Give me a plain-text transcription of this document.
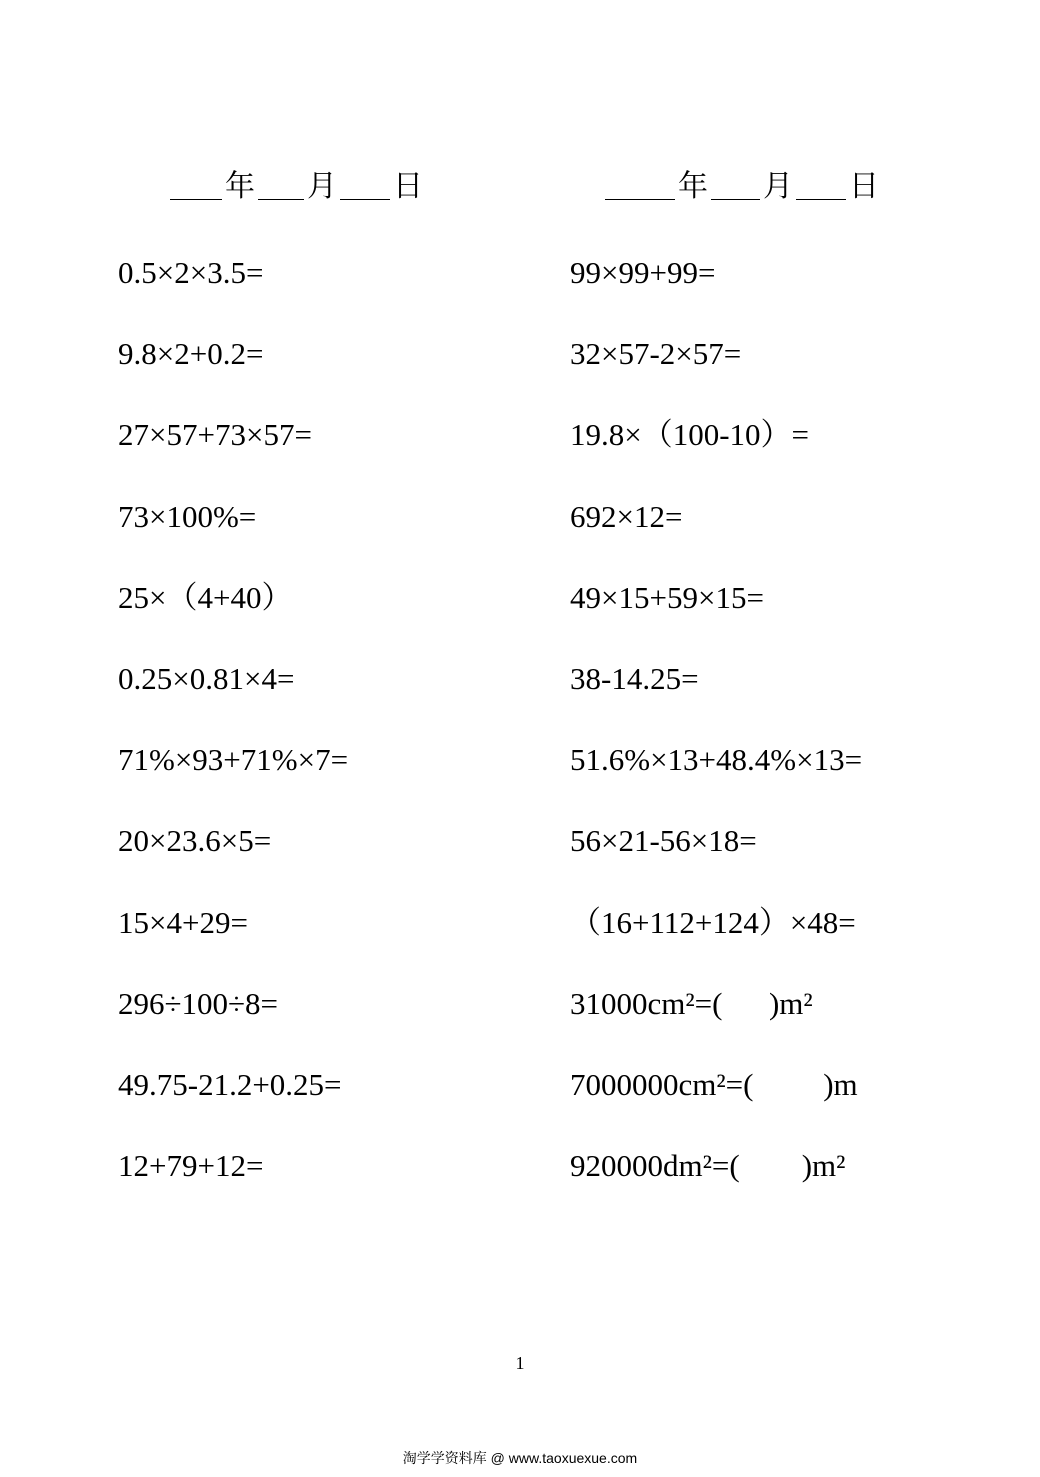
年 月 日	年 月 日
0.5×2×3.5=
9.8×2+0.2=
27×57+73×57=
73×100%=
25×（4+40）
0.25×0.81×4=
71%×93+71%×7=
20×23.6×5=
15×4+29=
296÷100÷8=
49.75-21.2+0.25=
12+79+12=
99×99+99=
32×57-2×57=
19.8×（100-10）=
692×12=
49×15+59×15=
38-14.25=
51.6%×13+48.4%×13=
56×21-56×18=
（16+112+124）×48=
31000cm²=(      )m²
7000000cm²=(         )m
920000dm²=(        )m²
1
淘学学资料库 @ www.taoxuexue.com
